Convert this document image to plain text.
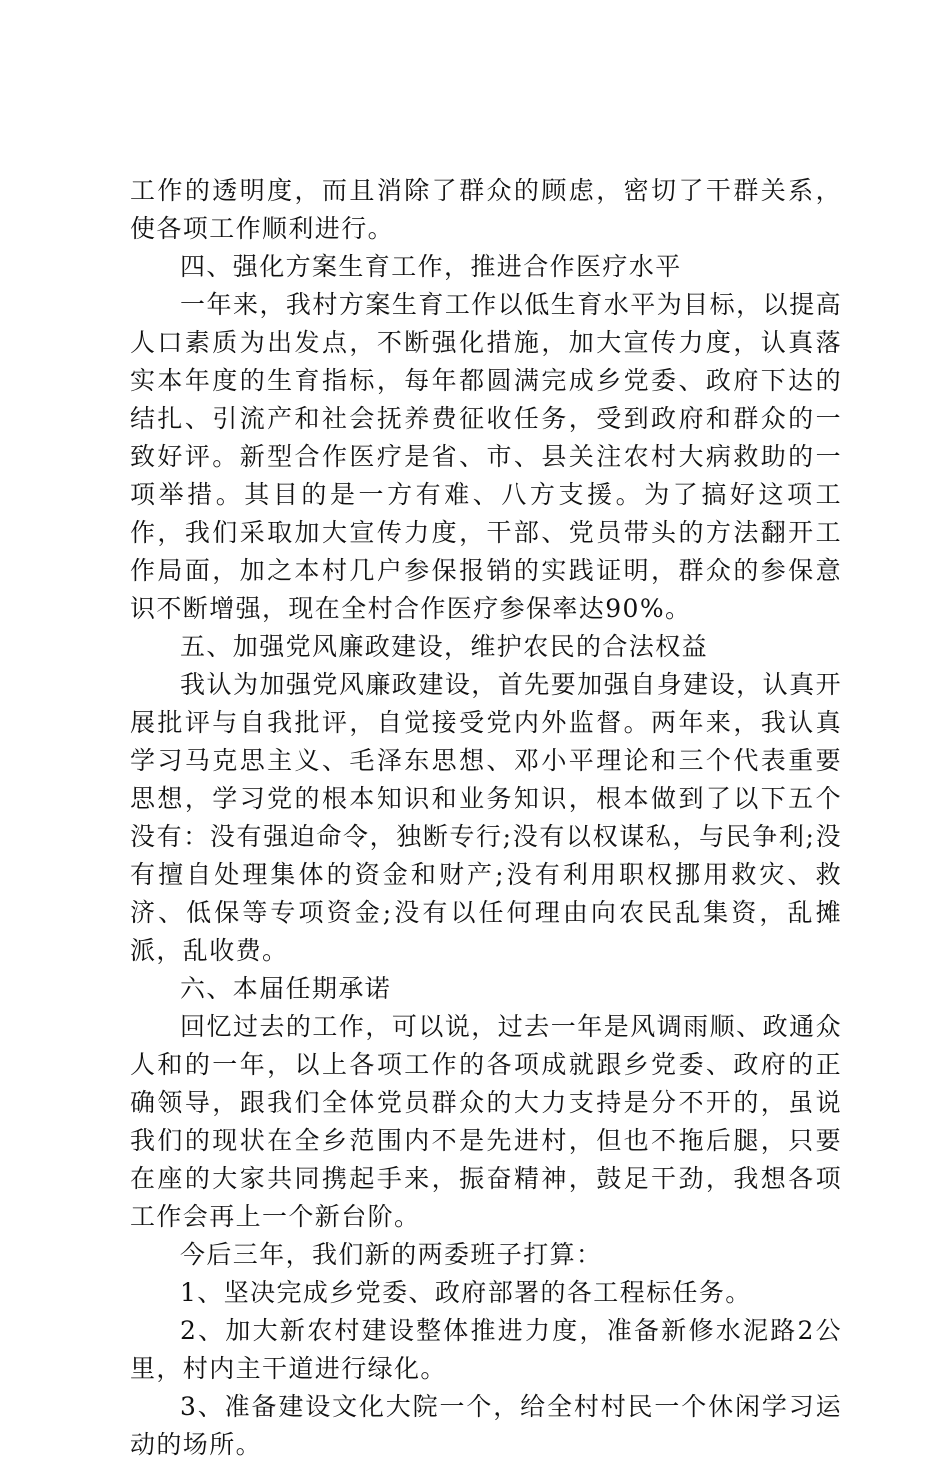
工作的透明度，而且消除了群众的顾虑，密切了干群关系，使各项工作顺利进行。

四、强化方案生育工作，推进合作医疗水平

一年来，我村方案生育工作以低生育水平为目标，以提高人口素质为出发点，不断强化措施，加大宣传力度，认真落实本年度的生育指标，每年都圆满完成乡党委、政府下达的结扎、引流产和社会抚养费征收任务，受到政府和群众的一致好评。新型合作医疗是省、市、县关注农村大病救助的一项举措。其目的是一方有难、八方支援。为了搞好这项工作，我们采取加大宣传力度，干部、党员带头的方法翻开工作局面，加之本村几户参保报销的实践证明，群众的参保意识不断增强，现在全村合作医疗参保率达90%。

五、加强党风廉政建设，维护农民的合法权益

我认为加强党风廉政建设，首先要加强自身建设，认真开展批评与自我批评，自觉接受党内外监督。两年来，我认真学习马克思主义、毛泽东思想、邓小平理论和三个代表重要思想，学习党的根本知识和业务知识，根本做到了以下五个没有：没有强迫命令，独断专行;没有以权谋私，与民争利;没有擅自处理集体的资金和财产;没有利用职权挪用救灾、救济、低保等专项资金;没有以任何理由向农民乱集资，乱摊派，乱收费。

六、本届任期承诺

回忆过去的工作，可以说，过去一年是风调雨顺、政通众人和的一年，以上各项工作的各项成就跟乡党委、政府的正确领导，跟我们全体党员群众的大力支持是分不开的，虽说我们的现状在全乡范围内不是先进村，但也不拖后腿，只要在座的大家共同携起手来，振奋精神，鼓足干劲，我想各项工作会再上一个新台阶。

今后三年，我们新的两委班子打算：

1、坚决完成乡党委、政府部署的各工程标任务。

2、加大新农村建设整体推进力度，准备新修水泥路2公里，村内主干道进行绿化。

3、准备建设文化大院一个，给全村村民一个休闲学习运动的场所。
